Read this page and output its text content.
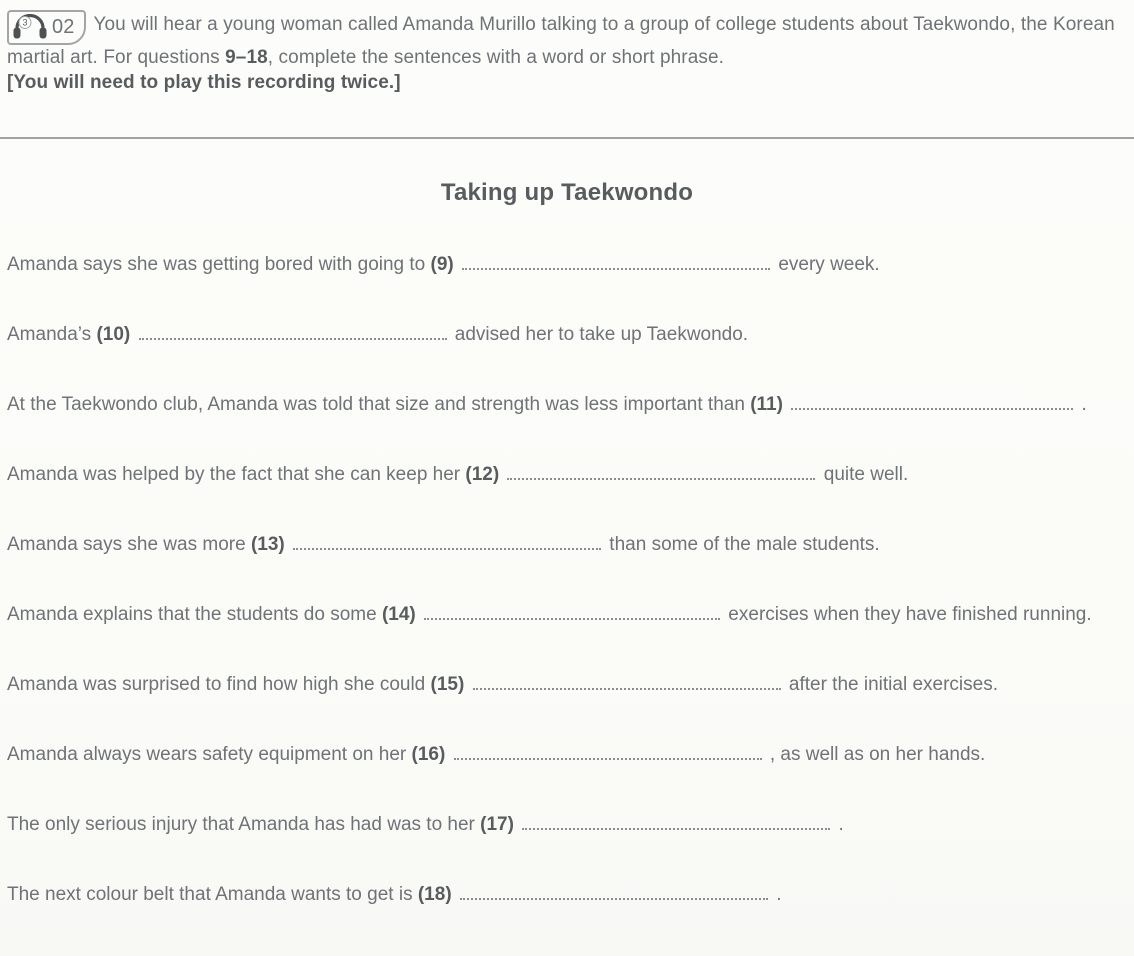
3 02 You will hear a young woman called Amanda Murillo talking to a group of college students about Taekwondo, the Korean martial art. For questions 9–18, complete the sentences with a word or short phrase.
[You will need to play this recording twice.]

Taking up Taekwondo
Amanda says she was getting bored with going to (9)	every week.
Amanda’s (10)	advised her to take up Taekwondo.
At the Taekwondo club, Amanda was told that size and strength was less important than (11)	.
Amanda was helped by the fact that she can keep her (12)	quite well.
Amanda says she was more (13)	than some of the male students.
Amanda explains that the students do some (14)	exercises when they have finished running.
Amanda was surprised to find how high she could (15)	after the initial exercises.
Amanda always wears safety equipment on her (16)	, as well as on her hands.
The only serious injury that Amanda has had was to her (17)	.
The next colour belt that Amanda wants to get is (18)	.
